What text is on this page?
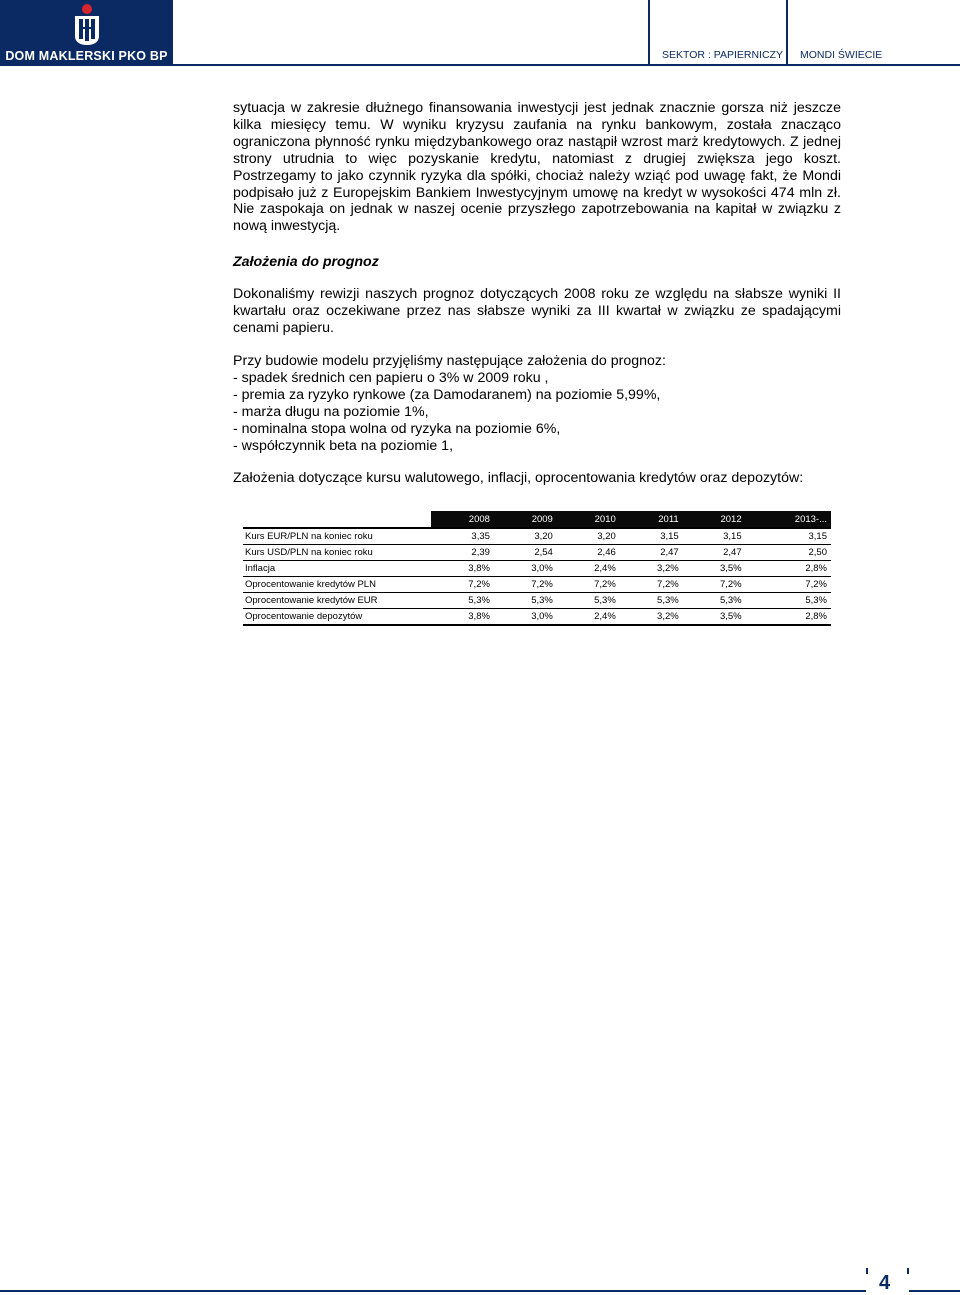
DOM MAKLERSKI PKO BP	SEKTOR : PAPIERNICZY MONDI ŚWIECIE

sytuacja w zakresie dłużnego finansowania inwestycji jest jednak znacznie gorsza niż jeszcze kilka miesięcy temu. W wyniku kryzysu zaufania na rynku bankowym, została znacząco ograniczona płynność rynku międzybankowego oraz nastąpił wzrost marż kredytowych. Z jednej strony utrudnia to więc pozyskanie kredytu, natomiast z drugiej zwiększa jego koszt. Postrzegamy to jako czynnik ryzyka dla spółki, chociaż należy wziąć pod uwagę fakt, że Mondi podpisało już z Europejskim Bankiem Inwestycyjnym umowę na kredyt w wysokości 474 mln zł. Nie zaspokaja on jednak w naszej ocenie przyszłego zapotrzebowania na kapitał w związku z nową inwestycją.

Założenia do prognoz

Dokonaliśmy rewizji naszych prognoz dotyczących 2008 roku ze względu na słabsze wyniki II kwartału oraz oczekiwane przez nas słabsze wyniki za III kwartał w związku ze spadającymi cenami papieru.

Przy budowie modelu przyjęliśmy następujące założenia do prognoz:

- spadek średnich cen papieru o 3% w 2009 roku ,
- premia za ryzyko rynkowe (za Damodaranem) na poziomie 5,99%,
- marża długu na poziomie 1%,
- nominalna stopa wolna od ryzyka na poziomie 6%,
- współczynnik beta na poziomie 1,

Założenia dotyczące kursu walutowego, inflacji, oprocentowania kredytów oraz depozytów:

	2008	2009	2010	2011	2012	2013-...
Kurs EUR/PLN na koniec roku	3,35	3,20	3,20	3,15	3,15	3,15
Kurs USD/PLN na koniec roku	2,39	2,54	2,46	2,47	2,47	2,50
Inflacja	3,8%	3,0%	2,4%	3,2%	3,5%	2,8%
Oprocentowanie kredytów PLN	7,2%	7,2%	7,2%	7,2%	7,2%	7,2%
Oprocentowanie kredytów EUR	5,3%	5,3%	5,3%	5,3%	5,3%	5,3%
Oprocentowanie depozytów	3,8%	3,0%	2,4%	3,2%	3,5%	2,8%
4
